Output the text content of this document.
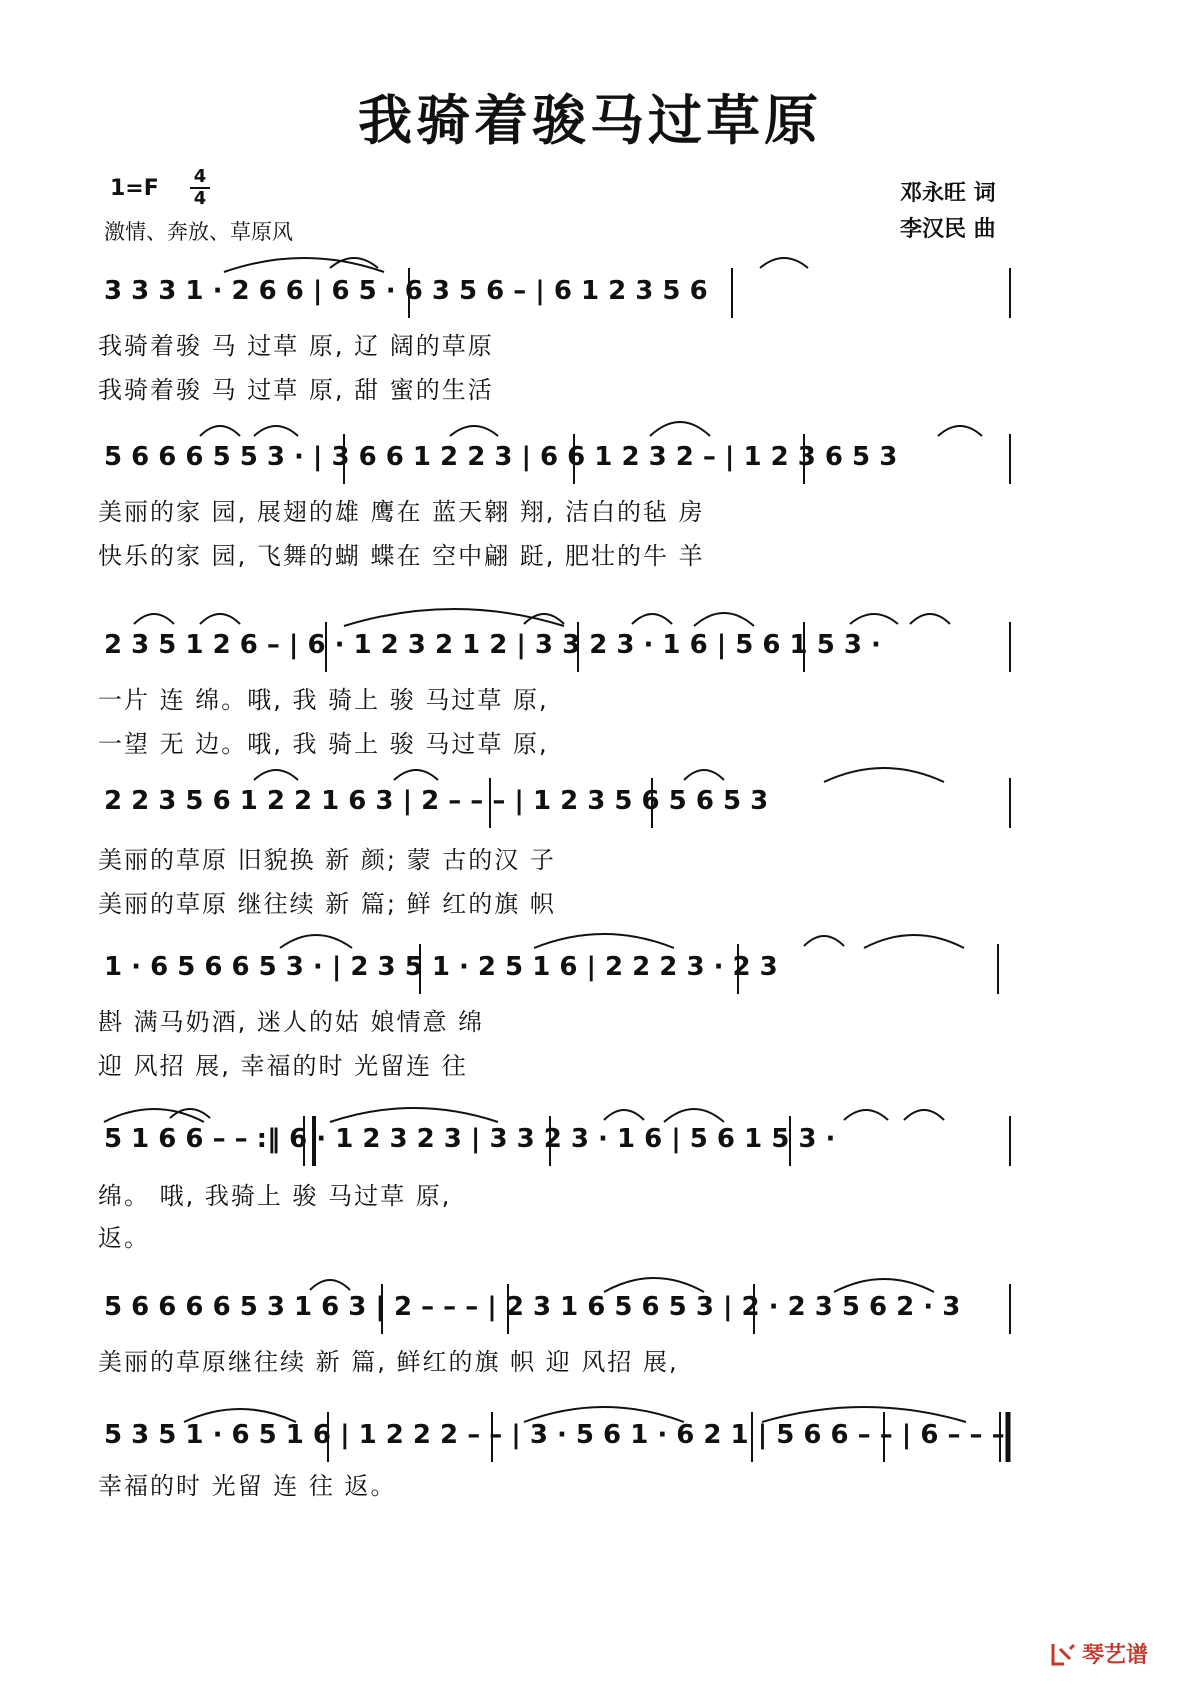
我骑着骏马过草原
1=F 4
4
激情、奔放、草原风
邓永旺 词
李汉民 曲
3 3 3 1 · 2 6 6 | 6 5 · 6 3 5 6 – | 6 1 2 3 5 6
我骑着骏 马 过草 原, 辽 阔的草原
我骑着骏 马 过草 原, 甜 蜜的生活
5 6 6 6 5 5 3 · | 3 6 6 1 2 2 3 | 6 6 1 2 3 2 – | 1 2 3 6 5 3
美丽的家 园, 展翅的雄 鹰在 蓝天翱 翔, 洁白的毡 房
快乐的家 园, 飞舞的蝴 蝶在 空中翩 跹, 肥壮的牛 羊
2 3 5 1 2 6 – | 6 · 1 2 3 2 1 2 | 3 3 2 3 · 1 6 | 5 6 1 5 3 ·
一片 连 绵。哦, 我 骑上 骏 马过草 原,
一望 无 边。哦, 我 骑上 骏 马过草 原,
2 2 3 5 6 1 2 2 1 6 3 | 2 – – – | 1 2 3 5 6 5 6 5 3
美丽的草原 旧貌换 新 颜; 蒙 古的汉 子
美丽的草原 继往续 新 篇; 鲜 红的旗 帜
1 · 6 5 6 6 5 3 · | 2 3 5 1 · 2 5 1 6 | 2 2 2 3 · 2 3
斟 满马奶酒, 迷人的姑 娘情意 绵
迎 风招 展, 幸福的时 光留连 往
5 1 6 6 – – :‖ 6 · 1 2 3 2 3 | 3 3 2 3 · 1 6 | 5 6 1 5 3 ·
绵。 哦, 我骑上 骏 马过草 原,
返。
5 6 6 6 6 5 3 1 6 3 | 2 – – – | 2 3 1 6 5 6 5 3 | 2 · 2 3 5 6 2 · 3
美丽的草原继往续 新 篇, 鲜红的旗 帜 迎 风招 展,
5 3 5 1 · 6 5 1 6 | 1 2 2 2 – – | 3 · 5 6 1 · 6 2 1 | 5 6 6 – – | 6 – – –
幸福的时 光留 连 往 返。
琴艺谱
